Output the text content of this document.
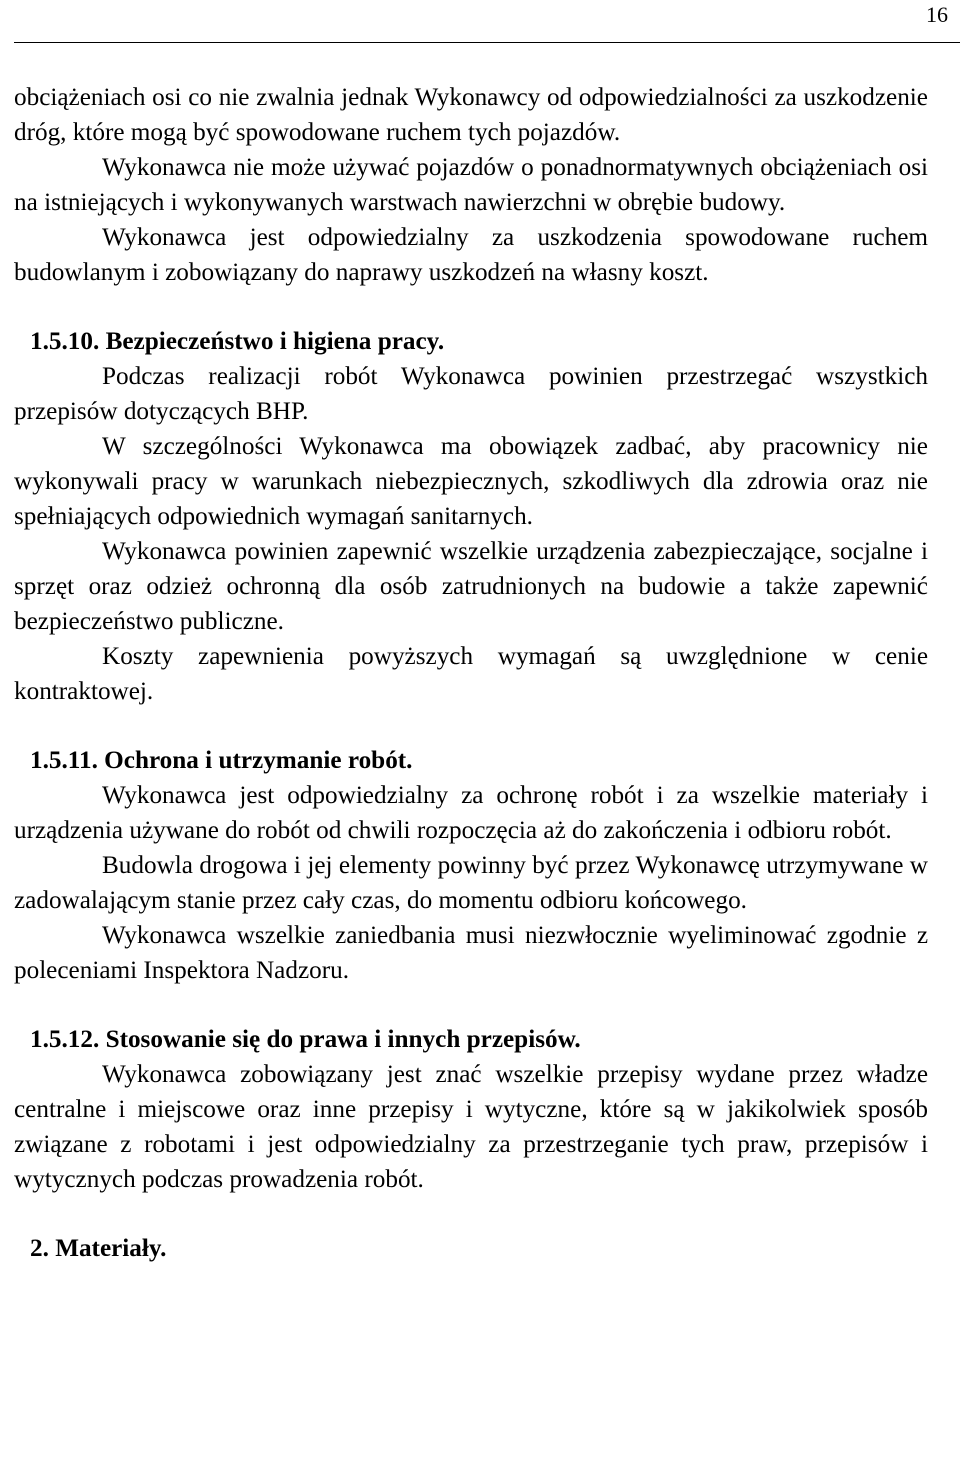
16

obciążeniach osi co nie zwalnia jednak Wykonawcy od odpowiedzialności za uszkodzenie dróg, które mogą być spowodowane ruchem tych pojazdów.

Wykonawca nie może używać pojazdów o ponadnormatywnych obciążeniach osi na istniejących i wykonywanych warstwach nawierzchni w obrębie budowy.

Wykonawca jest odpowiedzialny za uszkodzenia spowodowane ruchem budowlanym i zobowiązany do naprawy uszkodzeń na własny koszt.

1.5.10. Bezpieczeństwo i higiena pracy.

Podczas realizacji robót Wykonawca powinien przestrzegać wszystkich przepisów dotyczących BHP.

W szczególności Wykonawca ma obowiązek zadbać, aby pracownicy nie wykonywali pracy w warunkach niebezpiecznych, szkodliwych dla zdrowia oraz nie spełniających odpowiednich wymagań sanitarnych.

Wykonawca powinien zapewnić wszelkie urządzenia zabezpieczające, socjalne i sprzęt oraz odzież ochronną dla osób zatrudnionych na budowie a także zapewnić bezpieczeństwo publiczne.

Koszty zapewnienia powyższych wymagań są uwzględnione w cenie kontraktowej.

1.5.11. Ochrona i utrzymanie robót.

Wykonawca jest odpowiedzialny za ochronę robót i za wszelkie materiały i urządzenia używane do robót od chwili rozpoczęcia aż do zakończenia i odbioru robót.

Budowla drogowa i jej elementy powinny być przez Wykonawcę utrzymywane w zadowalającym stanie przez cały czas, do momentu odbioru końcowego.

Wykonawca wszelkie zaniedbania musi niezwłocznie wyeliminować zgodnie z poleceniami Inspektora Nadzoru.

1.5.12. Stosowanie się do prawa i innych przepisów.

Wykonawca zobowiązany jest znać wszelkie przepisy wydane przez władze centralne i miejscowe oraz inne przepisy i wytyczne, które są w jakikolwiek sposób związane z robotami i jest odpowiedzialny za przestrzeganie tych praw, przepisów i wytycznych podczas prowadzenia robót.

2. Materiały.
